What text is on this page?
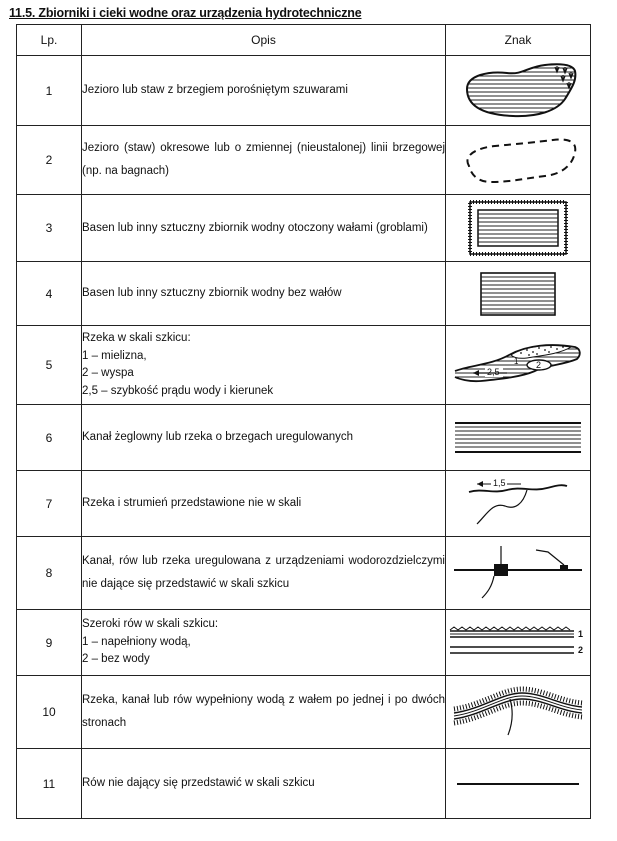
11.5. Zbiorniki i cieki wodne oraz urządzenia hydrotechniczne
Lp.	Opis	Znak
1	Jezioro lub staw z brzegiem porośniętym szuwarami	

2	Jezioro (staw) okresowe lub o zmiennej (nieustalonej) linii brzegowej (np. na bagnach)	

3	Basen lub inny sztuczny zbiornik wodny otoczony wałami (groblami)	

4	Basen lub inny sztuczny zbiornik wodny bez wałów	

5	Rzeka w skali szkicu:
1 – mielizna,
2 – wyspa
2,5 – szybkość prądu wody i kierunek	2
2,5
1

6	Kanał żeglowny lub rzeka o brzegach uregulowanych	

7	Rzeka i strumień przedstawione nie w skali	1,5

8	Kanał, rów lub rzeka uregulowana z urządzeniami wodorozdzielczymi nie dające się przedstawić w skali szkicu	

9	Szeroki rów w skali szkicu:
1 – napełniony wodą,
2 – bez wody	1
2

10	Rzeka, kanał lub rów wypełniony wodą z wałem po jednej i po dwóch stronach	

11	Rów nie dający się przedstawić w skali szkicu	
